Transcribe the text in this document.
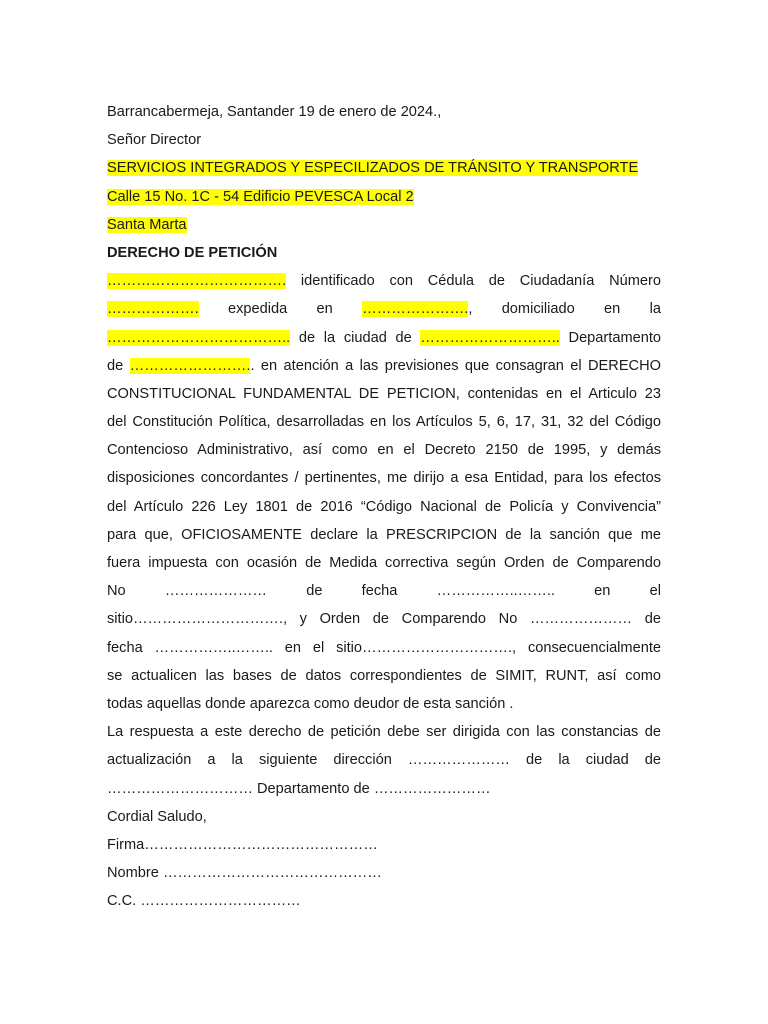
Barrancabermeja, Santander 19 de enero de 2024.,
Señor Director
SERVICIOS INTEGRADOS Y ESPECILIZADOS DE TRÁNSITO Y TRANSPORTE
Calle 15 No. 1C - 54 Edificio PEVESCA Local 2
Santa Marta
DERECHO DE PETICIÓN
………………………………. identificado con Cédula de Ciudadanía Número
………………. expedida en …………………., domiciliado en la
……………………………….. de la ciudad de ……………………….. Departamento
de …………………….. en atención a las previsiones que consagran el DERECHO
CONSTITUCIONAL FUNDAMENTAL DE PETICION, contenidas en el Articulo 23
del Constitución Política, desarrolladas en los Artículos 5, 6, 17, 31, 32 del Código
Contencioso Administrativo, así como en el Decreto 2150 de 1995, y demás
disposiciones concordantes / pertinentes, me dirijo a esa Entidad, para los efectos
del Artículo 226 Ley 1801 de 2016 “Código Nacional de Policía y Convivencia”
para que, OFICIOSAMENTE declare la PRESCRIPCION de la sanción que me
fuera impuesta con ocasión de Medida correctiva según Orden de Comparendo
No ………………… de fecha ……………..…….. en el
sitio…………………………., y Orden de Comparendo No ………………… de
fecha ……………..…….. en el sitio…………………………., consecuencialmente
se actualicen las bases de datos correspondientes de SIMIT, RUNT, así como
todas aquellas donde aparezca como deudor de esta sanción .
La respuesta a este derecho de petición debe ser dirigida con las constancias de
actualización a la siguiente dirección ………………… de la ciudad de
………………………… Departamento de ……………………
Cordial Saludo,
Firma…………………………………………
Nombre ………………………………………
C.C. ……………………………
